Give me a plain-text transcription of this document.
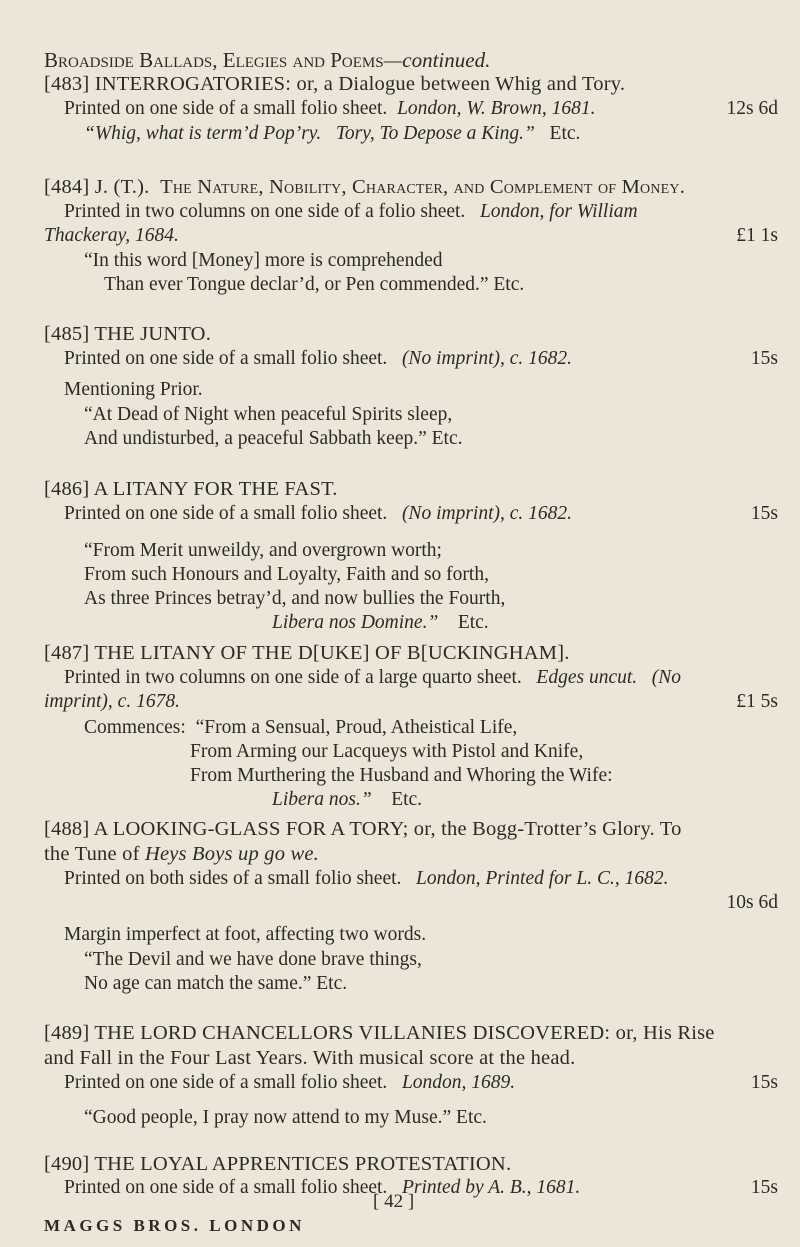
Broadside Ballads, Elegies and Poems—continued.
[483] INTERROGATORIES: or, a Dialogue between Whig and Tory.
Printed on one side of a small folio sheet. London, W. Brown, 1681.	12s 6d
“Whig, what is term’d Pop’ry. Tory, To Depose a King.” Etc.
[484] J. (T.). The Nature, Nobility, Character, and Complement of Money.
Printed in two columns on one side of a folio sheet. London, for William
Thackeray, 1684.	£1 1s
“In this word [Money] more is comprehended
Than ever Tongue declar’d, or Pen commended.” Etc.
[485] THE JUNTO.
Printed on one side of a small folio sheet. (No imprint), c. 1682.	15s
Mentioning Prior.
“At Dead of Night when peaceful Spirits sleep,
And undisturbed, a peaceful Sabbath keep.” Etc.
[486] A LITANY FOR THE FAST.
Printed on one side of a small folio sheet. (No imprint), c. 1682.	15s
“From Merit unweildy, and overgrown worth;
From such Honours and Loyalty, Faith and so forth,
As three Princes betray’d, and now bullies the Fourth,
Libera nos Domine.” Etc.
[487] THE LITANY OF THE D[UKE] OF B[UCKINGHAM].
Printed in two columns on one side of a large quarto sheet. Edges uncut. (No
imprint), c. 1678.	£1 5s
Commences: “From a Sensual, Proud, Atheistical Life,
From Arming our Lacqueys with Pistol and Knife,
From Murthering the Husband and Whoring the Wife:
Libera nos.” Etc.
[488] A LOOKING-GLASS FOR A TORY; or, the Bogg-Trotter’s Glory. To
the Tune of Heys Boys up go we.
Printed on both sides of a small folio sheet. London, Printed for L. C., 1682.
10s 6d
Margin imperfect at foot, affecting two words.
“The Devil and we have done brave things,
No age can match the same.” Etc.
[489] THE LORD CHANCELLORS VILLANIES DISCOVERED: or, His Rise
and Fall in the Four Last Years. With musical score at the head.
Printed on one side of a small folio sheet. London, 1689.	15s
“Good people, I pray now attend to my Muse.” Etc.
[490] THE LOYAL APPRENTICES PROTESTATION.
Printed on one side of a small folio sheet. Printed by A. B., 1681.	15s
[ 42 ]
MAGGS BROS. LONDON
